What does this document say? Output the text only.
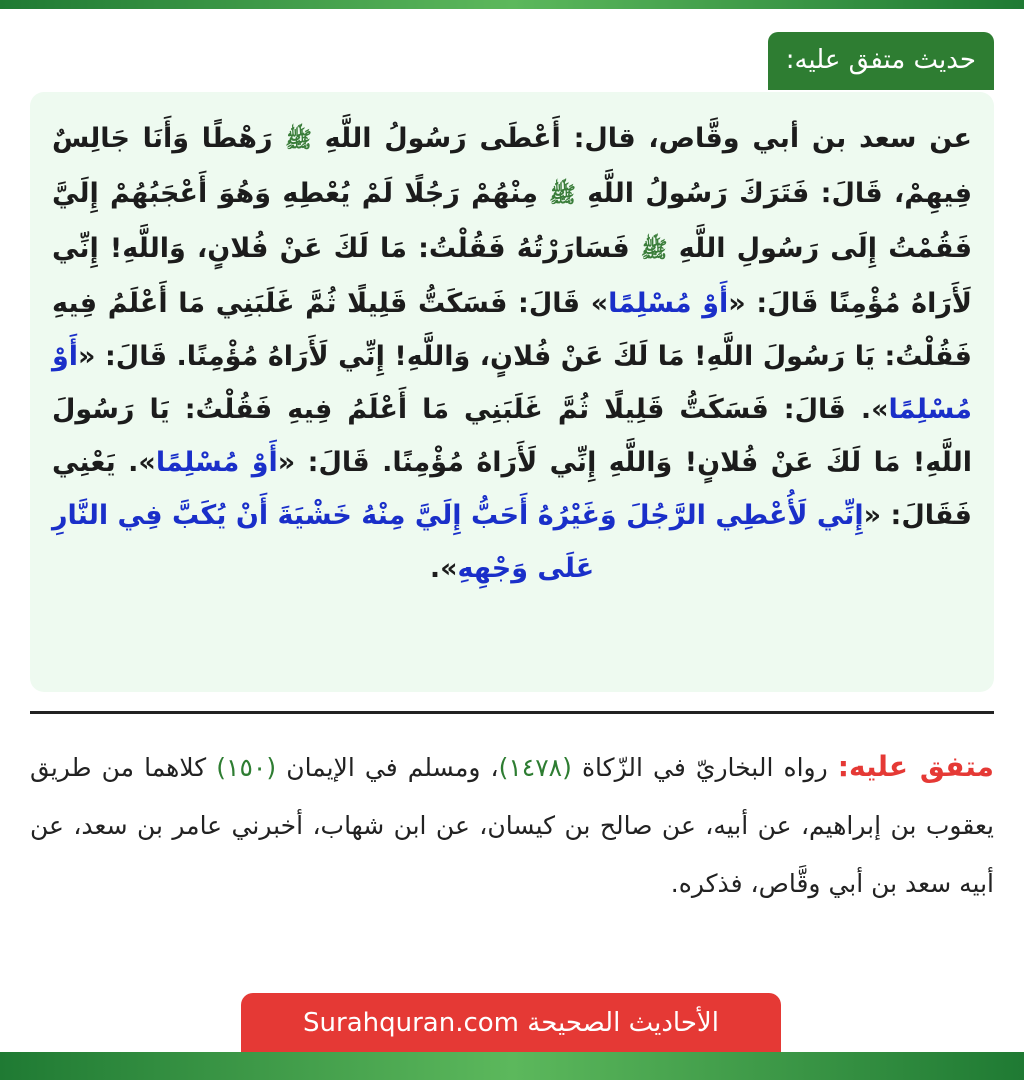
حديث متفق عليه:

عن سعد بن أبي وقَّاص، قال: أَعْطَى رَسُولُ اللَّهِ ﷺ رَهْطًا وَأَنَا جَالِسٌ فِيهِمْ، قَالَ: فَتَرَكَ رَسُولُ اللَّهِ ﷺ مِنْهُمْ رَجُلًا لَمْ يُعْطِهِ وَهُوَ أَعْجَبُهُمْ إِلَيَّ فَقُمْتُ إِلَى رَسُولِ اللَّهِ ﷺ فَسَارَرْتُهُ فَقُلْتُ: مَا لَكَ عَنْ فُلانٍ، وَاللَّهِ! إِنِّي لَأَرَاهُ مُؤْمِنًا قَالَ: «أَوْ مُسْلِمًا» قَالَ: فَسَكَتُّ قَلِيلًا ثُمَّ غَلَبَنِي مَا أَعْلَمُ فِيهِ فَقُلْتُ: يَا رَسُولَ اللَّهِ! مَا لَكَ عَنْ فُلانٍ، وَاللَّهِ! إِنِّي لَأَرَاهُ مُؤْمِنًا. قَالَ: «أَوْ مُسْلِمًا». قَالَ: فَسَكَتُّ قَلِيلًا ثُمَّ غَلَبَنِي مَا أَعْلَمُ فِيهِ فَقُلْتُ: يَا رَسُولَ اللَّهِ! مَا لَكَ عَنْ فُلانٍ! وَاللَّهِ إِنِّي لَأَرَاهُ مُؤْمِنًا. قَالَ: «أَوْ مُسْلِمًا». يَعْنِي فَقَالَ: «إِنِّي لَأُعْطِي الرَّجُلَ وَغَيْرُهُ أَحَبُّ إِلَيَّ مِنْهُ خَشْيَةَ أَنْ يُكَبَّ فِي النَّارِ عَلَى وَجْهِهِ».

متفق عليه: رواه البخاريّ في الزّكاة (١٤٧٨)، ومسلم في الإيمان (١٥٠) كلاهما من طريق يعقوب بن إبراهيم، عن أبيه، عن صالح بن كيسان، عن ابن شهاب، أخبرني عامر بن سعد، عن أبيه سعد بن أبي وقَّاص، فذكره.

الأحاديث الصحيحة Surahquran.com
